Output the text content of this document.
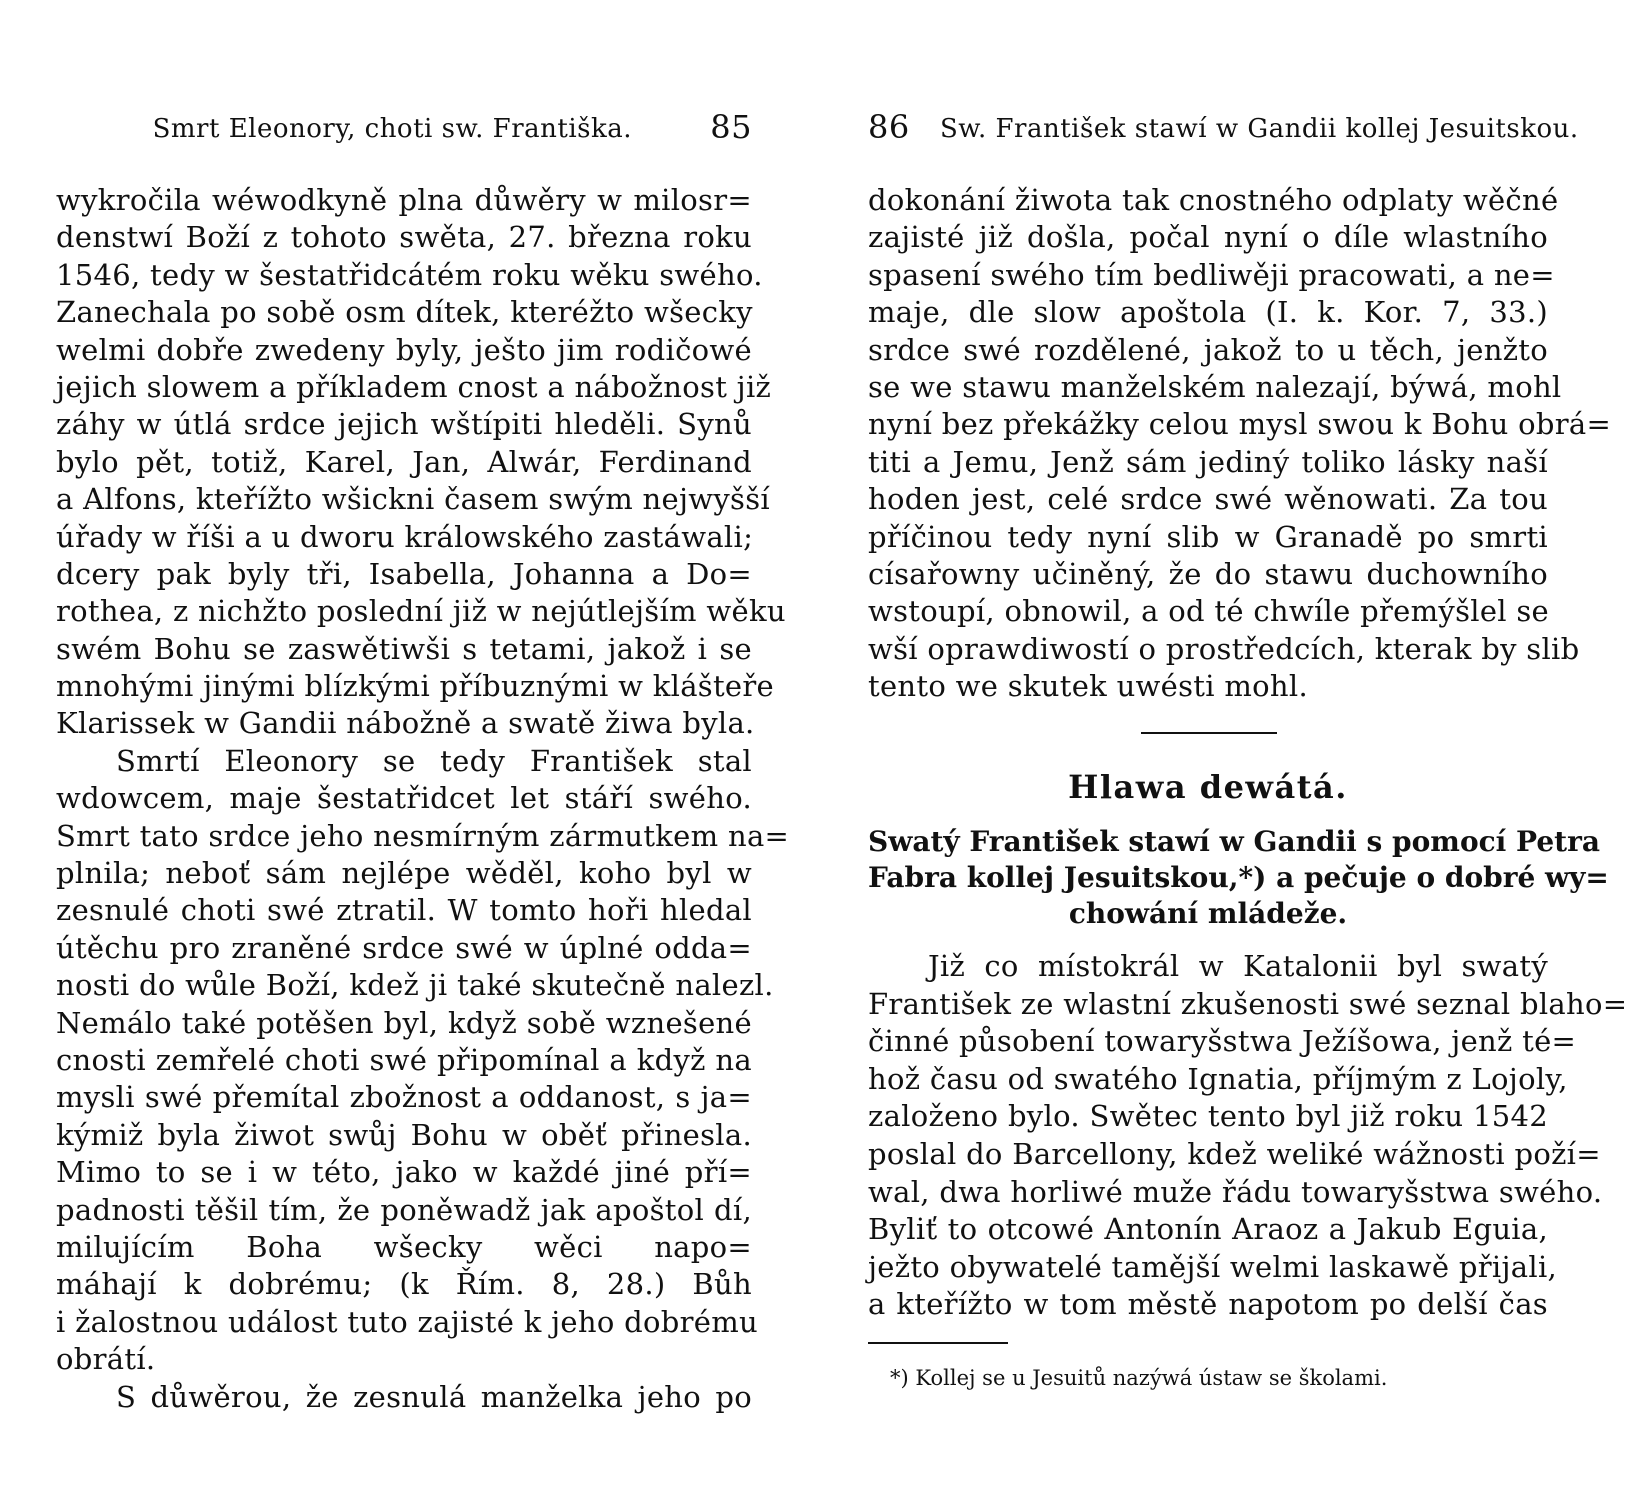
Smrt Eleonory, choti sw. Františka. 85
wykročila wéwodkyně plna důwěry w milosr=
denstwí Boží z tohoto swěta, 27. března roku
1546, tedy w šestatřidcátém roku wěku swého.
Zanechala po sobě osm dítek, kteréžto wšecky
welmi dobře zwedeny byly, ješto jim rodičowé
jejich slowem a příkladem cnost a nábožnost již
záhy w útlá srdce jejich wštípiti hleděli. Synů
bylo pět, totiž, Karel, Jan, Alwár, Ferdinand
a Alfons, kteřížto wšickni časem swým nejwyšší
úřady w říši a u dworu králowského zastáwali;
dcery pak byly tři, Isabella, Johanna a Do=
rothea, z nichžto poslední již w nejútlejším wěku
swém Bohu se zaswětiwši s tetami, jakož i se
mnohými jinými blízkými příbuznými w klášteře
Klarissek w Gandii nábožně a swatě žiwa byla.
Smrtí Eleonory se tedy František stal
wdowcem, maje šestatřidcet let stáří swého.
Smrt tato srdce jeho nesmírným zármutkem na=
plnila; neboť sám nejlépe wěděl, koho byl w
zesnulé choti swé ztratil. W tomto hoři hledal
útěchu pro zraněné srdce swé w úplné odda=
nosti do wůle Boží, kdež ji také skutečně nalezl.
Nemálo také potěšen byl, když sobě wznešené
cnosti zemřelé choti swé připomínal a když na
mysli swé přemítal zbožnost a oddanost, s ja=
kýmiž byla žiwot swůj Bohu w oběť přinesla.
Mimo to se i w této, jako w každé jiné pří=
padnosti těšil tím, že poněwadž jak apoštol dí,
milujícím Boha wšecky wěci napo=
máhají k dobrému; (k Řím. 8, 28.) Bůh
i žalostnou událost tuto zajisté k jeho dobrému
obrátí.
S důwěrou, že zesnulá manželka jeho po
86 Sw. František stawí w Gandii kollej Jesuitskou.
dokonání žiwota tak cnostného odplaty wěčné
zajisté již došla, počal nyní o díle wlastního
spasení swého tím bedliwěji pracowati, a ne=
maje, dle slow apoštola (I. k. Kor. 7, 33.)
srdce swé rozdělené, jakož to u těch, jenžto
se we stawu manželském nalezají, býwá, mohl
nyní bez překážky celou mysl swou k Bohu obrá=
titi a Jemu, Jenž sám jediný toliko lásky naší
hoden jest, celé srdce swé wěnowati. Za tou
příčinou tedy nyní slib w Granadě po smrti
císařowny učiněný, že do stawu duchowního
wstoupí, obnowil, a od té chwíle přemýšlel se
wší oprawdiwostí o prostředcích, kterak by slib
tento we skutek uwésti mohl.
Hlawa dewátá.
Swatý František stawí w Gandii s pomocí Petra
Fabra kollej Jesuitskou,*) a pečuje o dobré wy=
chowání mládeže.
Již co místokrál w Katalonii byl swatý
František ze wlastní zkušenosti swé seznal blaho=
činné působení towaryšstwa Ježíšowa, jenž té=
hož času od swatého Ignatia, příjmým z Lojoly,
založeno bylo. Swětec tento byl již roku 1542
poslal do Barcellony, kdež weliké wážnosti poží=
wal, dwa horliwé muže řádu towaryšstwa swého.
Byliť to otcowé Antonín Araoz a Jakub Eguia,
ježto obywatelé tamější welmi laskawě přijali,
a kteřížto w tom městě napotom po delší čas
*) Kollej se u Jesuitů nazýwá ústaw se školami.
